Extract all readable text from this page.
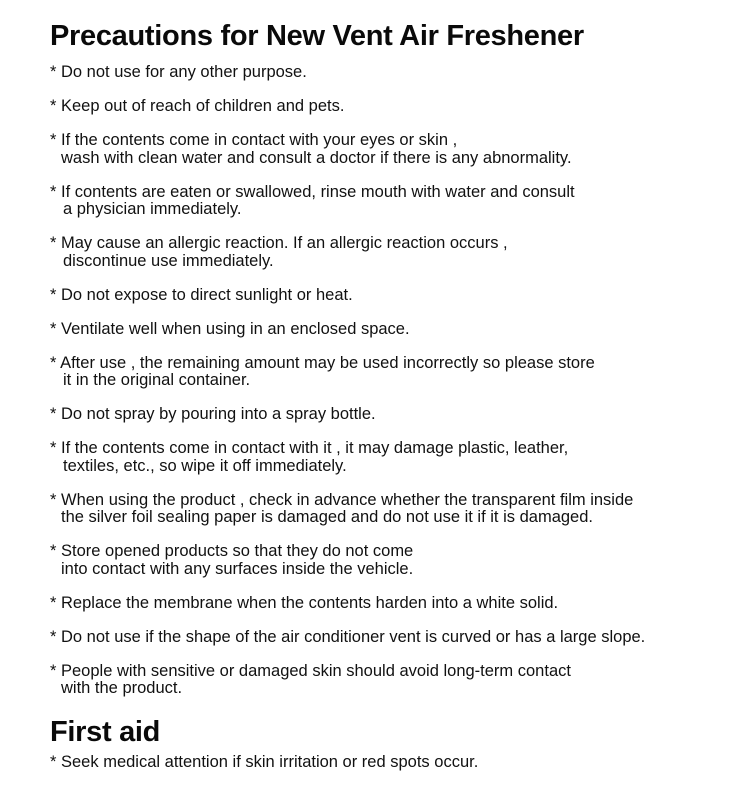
Precautions for New Vent Air Freshener
* Do not use for any other purpose.
* Keep out of reach of children and pets.
* If the contents come in contact with your eyes or skin ,
wash with clean water and consult a doctor if there is any abnormality.
* If contents are eaten or swallowed, rinse mouth with water and consult
a physician immediately.
* May cause an allergic reaction. If an allergic reaction occurs ,
discontinue use immediately.
* Do not expose to direct sunlight or heat.
* Ventilate well when using in an enclosed space.
* After use , the remaining amount may be used incorrectly so please store
it in the original container.
* Do not spray by pouring into a spray bottle.
* If the contents come in contact with it , it may damage plastic, leather,
textiles, etc., so wipe it off immediately.
* When using the product , check in advance whether the transparent film inside
the silver foil sealing paper is damaged and do not use it if it is damaged.
* Store opened products so that they do not come
into contact with any surfaces inside the vehicle.
* Replace the membrane when the contents harden into a white solid.
* Do not use if the shape of the air conditioner vent is curved or has a large slope.
* People with sensitive or damaged skin should avoid long-term contact
with the product.
First aid
* Seek medical attention if skin irritation or red spots occur.
